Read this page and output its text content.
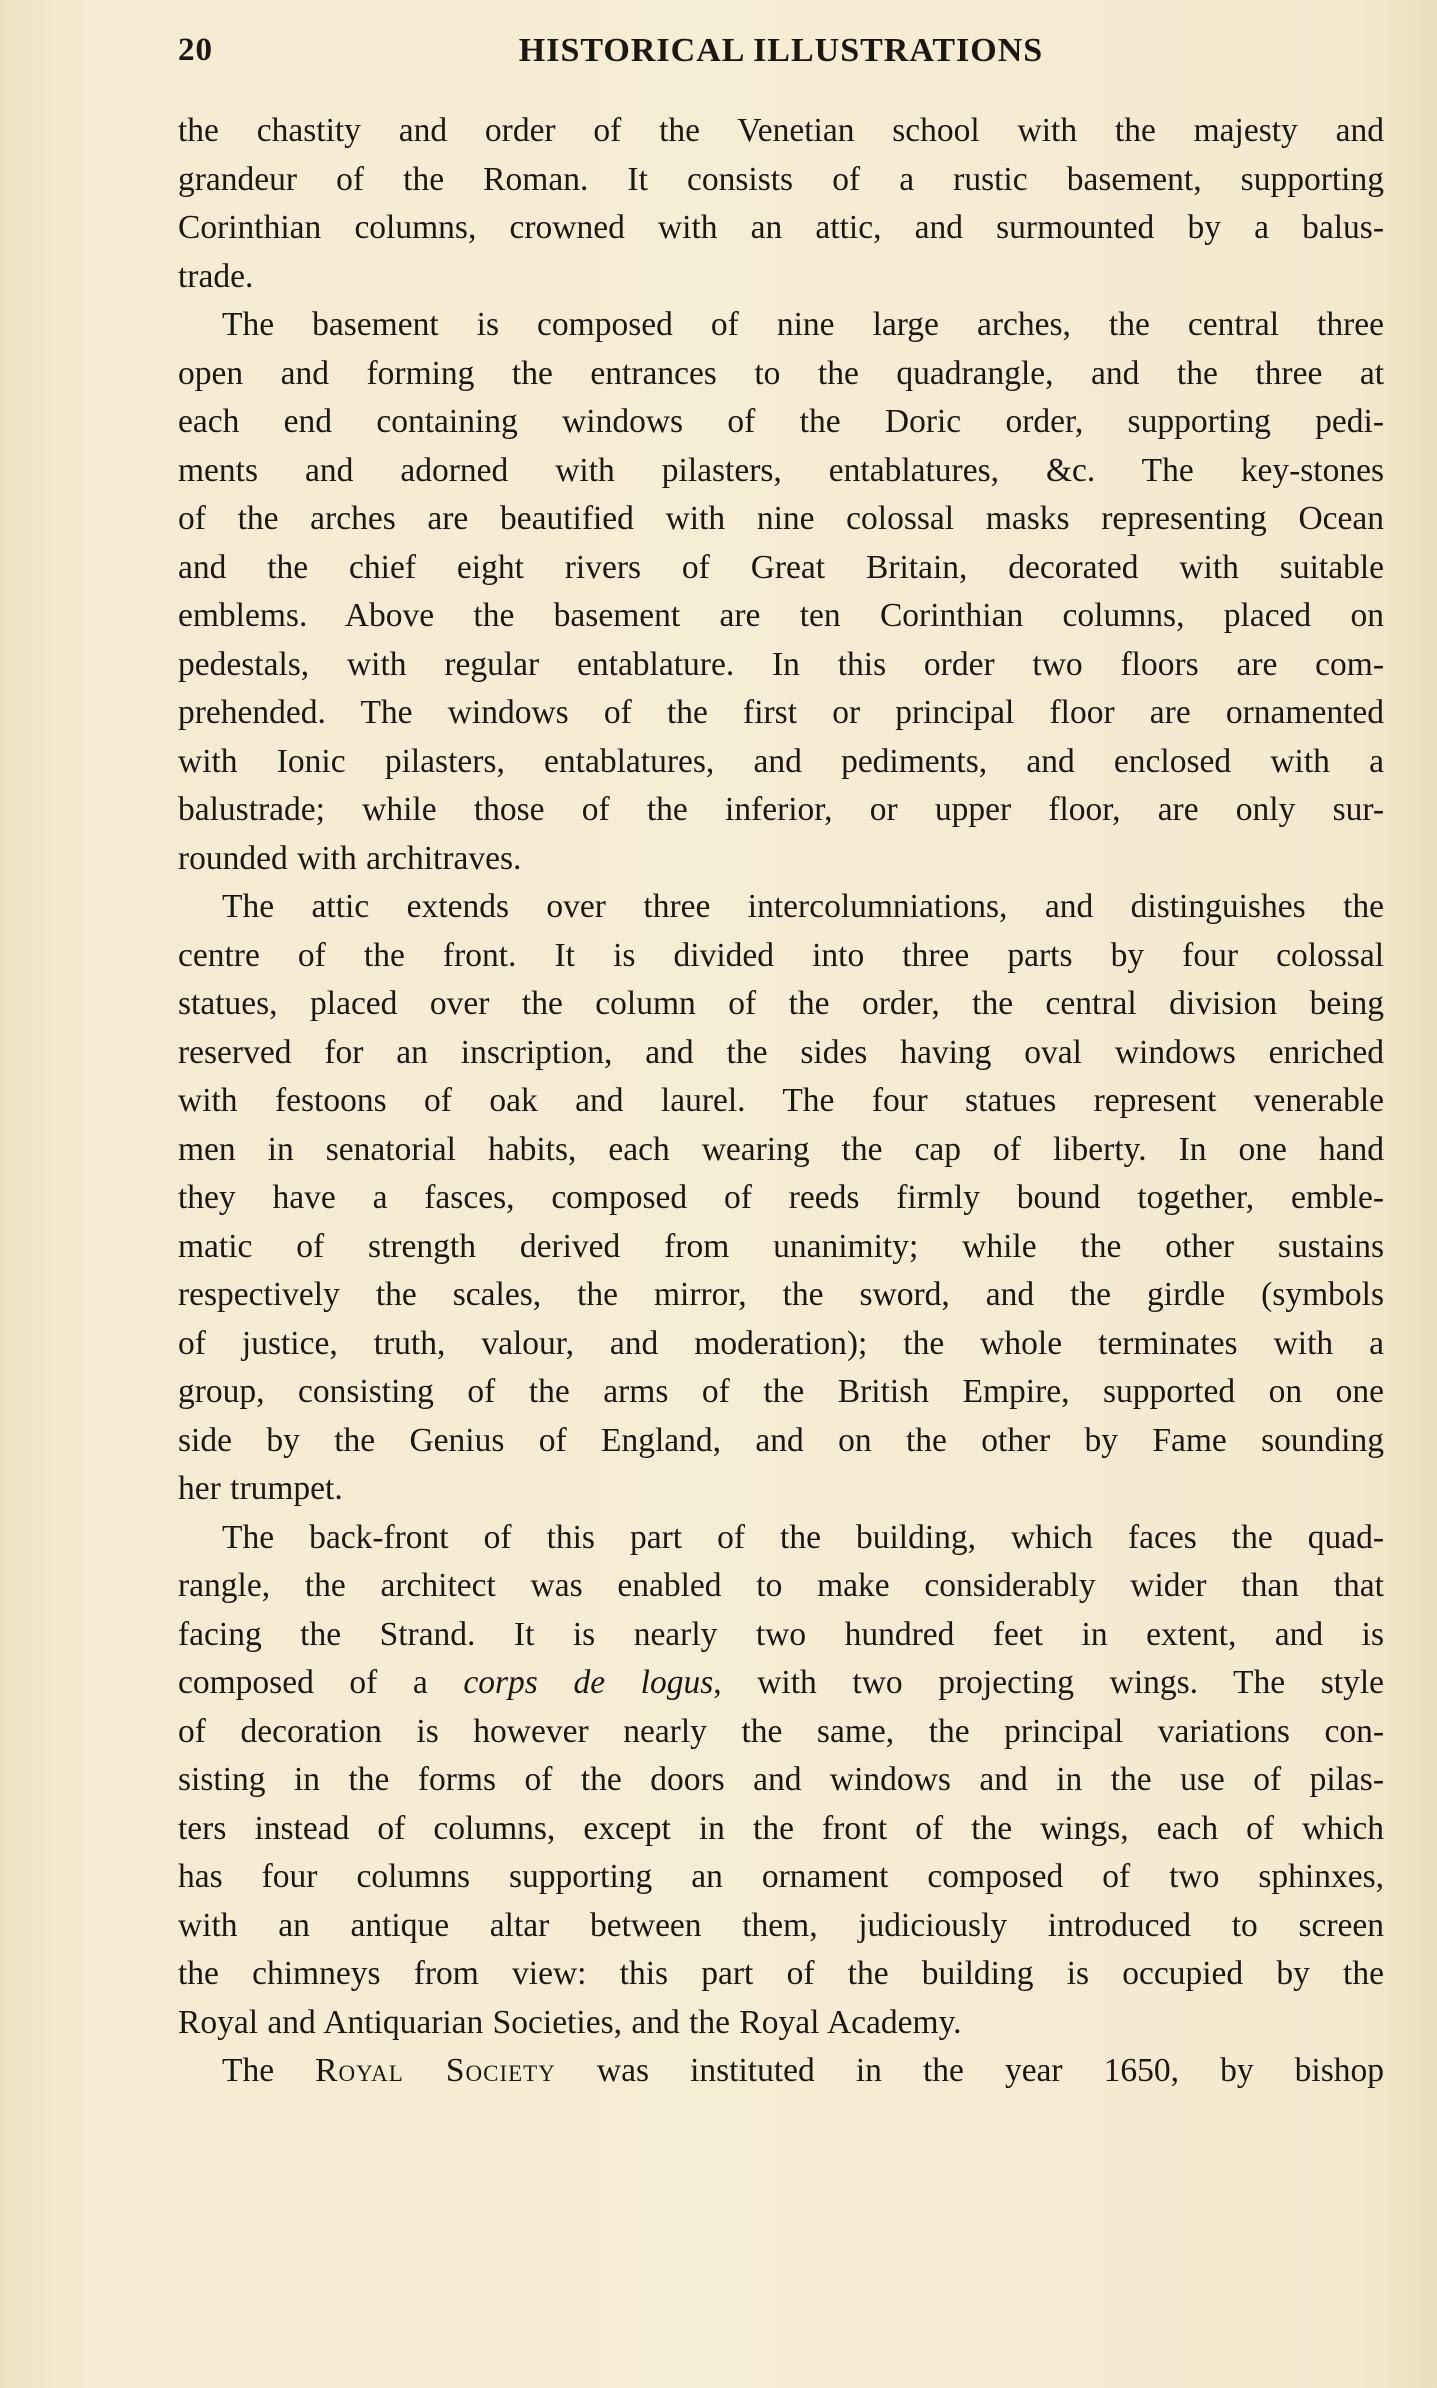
20	HISTORICAL ILLUSTRATIONS
the chastity and order of the Venetian school with the majesty and
grandeur of the Roman. It consists of a rustic basement, supporting
Corinthian columns, crowned with an attic, and surmounted by a balus-
trade.
The basement is composed of nine large arches, the central three
open and forming the entrances to the quadrangle, and the three at
each end containing windows of the Doric order, supporting pedi-
ments and adorned with pilasters, entablatures, &c. The key-stones
of the arches are beautified with nine colossal masks representing Ocean
and the chief eight rivers of Great Britain, decorated with suitable
emblems. Above the basement are ten Corinthian columns, placed on
pedestals, with regular entablature. In this order two floors are com-
prehended. The windows of the first or principal floor are ornamented
with Ionic pilasters, entablatures, and pediments, and enclosed with a
balustrade; while those of the inferior, or upper floor, are only sur-
rounded with architraves.
The attic extends over three intercolumniations, and distinguishes the
centre of the front. It is divided into three parts by four colossal
statues, placed over the column of the order, the central division being
reserved for an inscription, and the sides having oval windows enriched
with festoons of oak and laurel. The four statues represent venerable
men in senatorial habits, each wearing the cap of liberty. In one hand
they have a fasces, composed of reeds firmly bound together, emble-
matic of strength derived from unanimity; while the other sustains
respectively the scales, the mirror, the sword, and the girdle (symbols
of justice, truth, valour, and moderation); the whole terminates with a
group, consisting of the arms of the British Empire, supported on one
side by the Genius of England, and on the other by Fame sounding
her trumpet.
The back-front of this part of the building, which faces the quad-
rangle, the architect was enabled to make considerably wider than that
facing the Strand. It is nearly two hundred feet in extent, and is
composed of a corps de logus, with two projecting wings. The style
of decoration is however nearly the same, the principal variations con-
sisting in the forms of the doors and windows and in the use of pilas-
ters instead of columns, except in the front of the wings, each of which
has four columns supporting an ornament composed of two sphinxes,
with an antique altar between them, judiciously introduced to screen
the chimneys from view: this part of the building is occupied by the
Royal and Antiquarian Societies, and the Royal Academy.
The Royal Society was instituted in the year 1650, by bishop
